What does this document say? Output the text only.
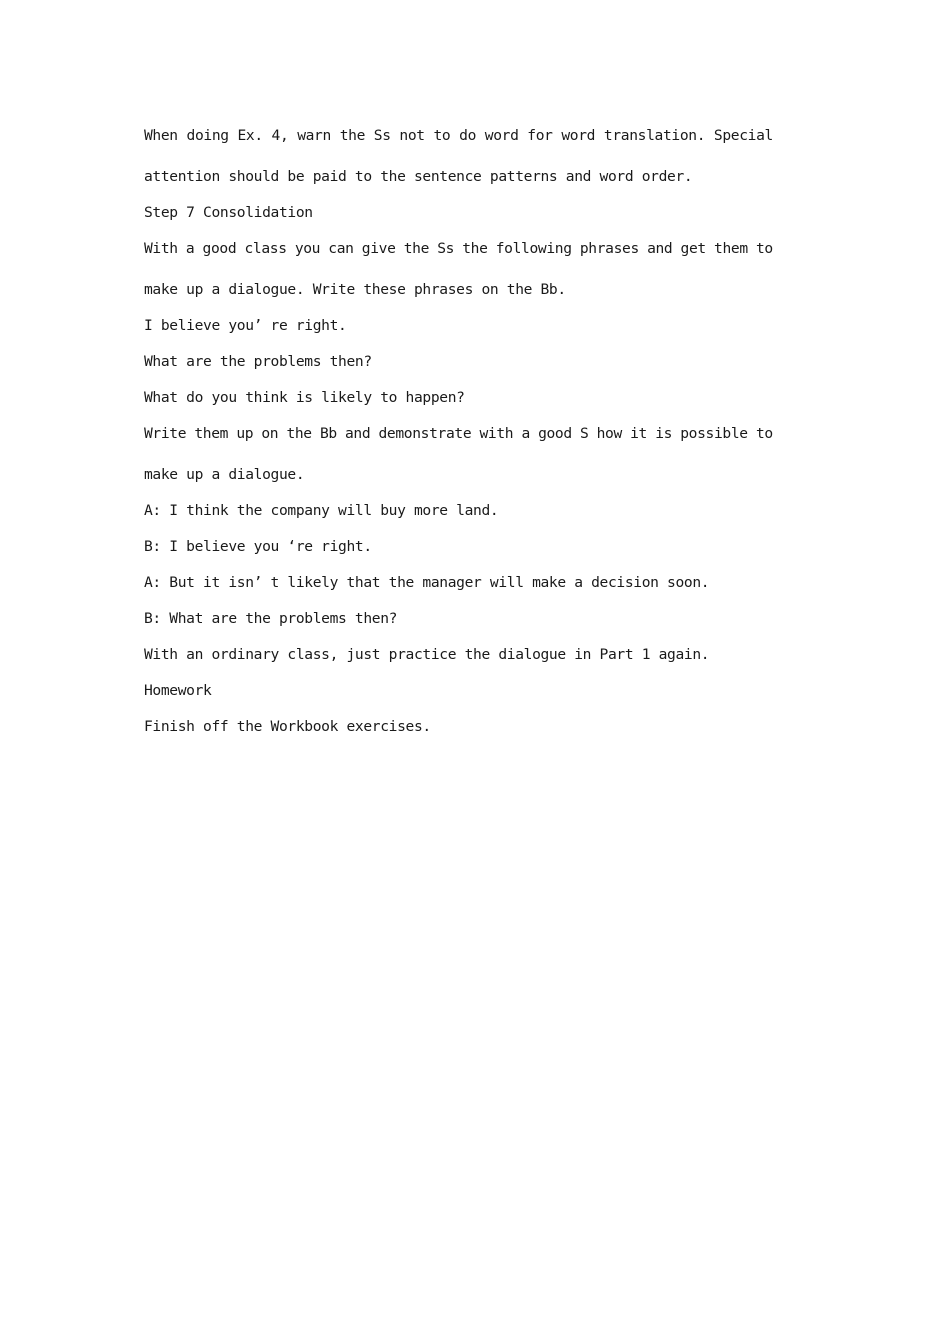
When doing Ex. 4, warn the Ss not to do word for word translation. Special

attention should be paid to the sentence patterns and word order.

Step 7 Consolidation

With a good class you can give the Ss the following phrases and get them to

make up a dialogue. Write these phrases on the Bb.

I believe you’ re right.

What are the problems then?

What do you think is likely to happen?

Write them up on the Bb and demonstrate with a good S how it is possible to

make up a dialogue.

A: I think the company will buy more land.

B: I believe you ‘re right.

A: But it isn’ t likely that the manager will make a decision soon.

B: What are the problems then?

With an ordinary class, just practice the dialogue in Part 1 again.

Homework

Finish off the Workbook exercises.
